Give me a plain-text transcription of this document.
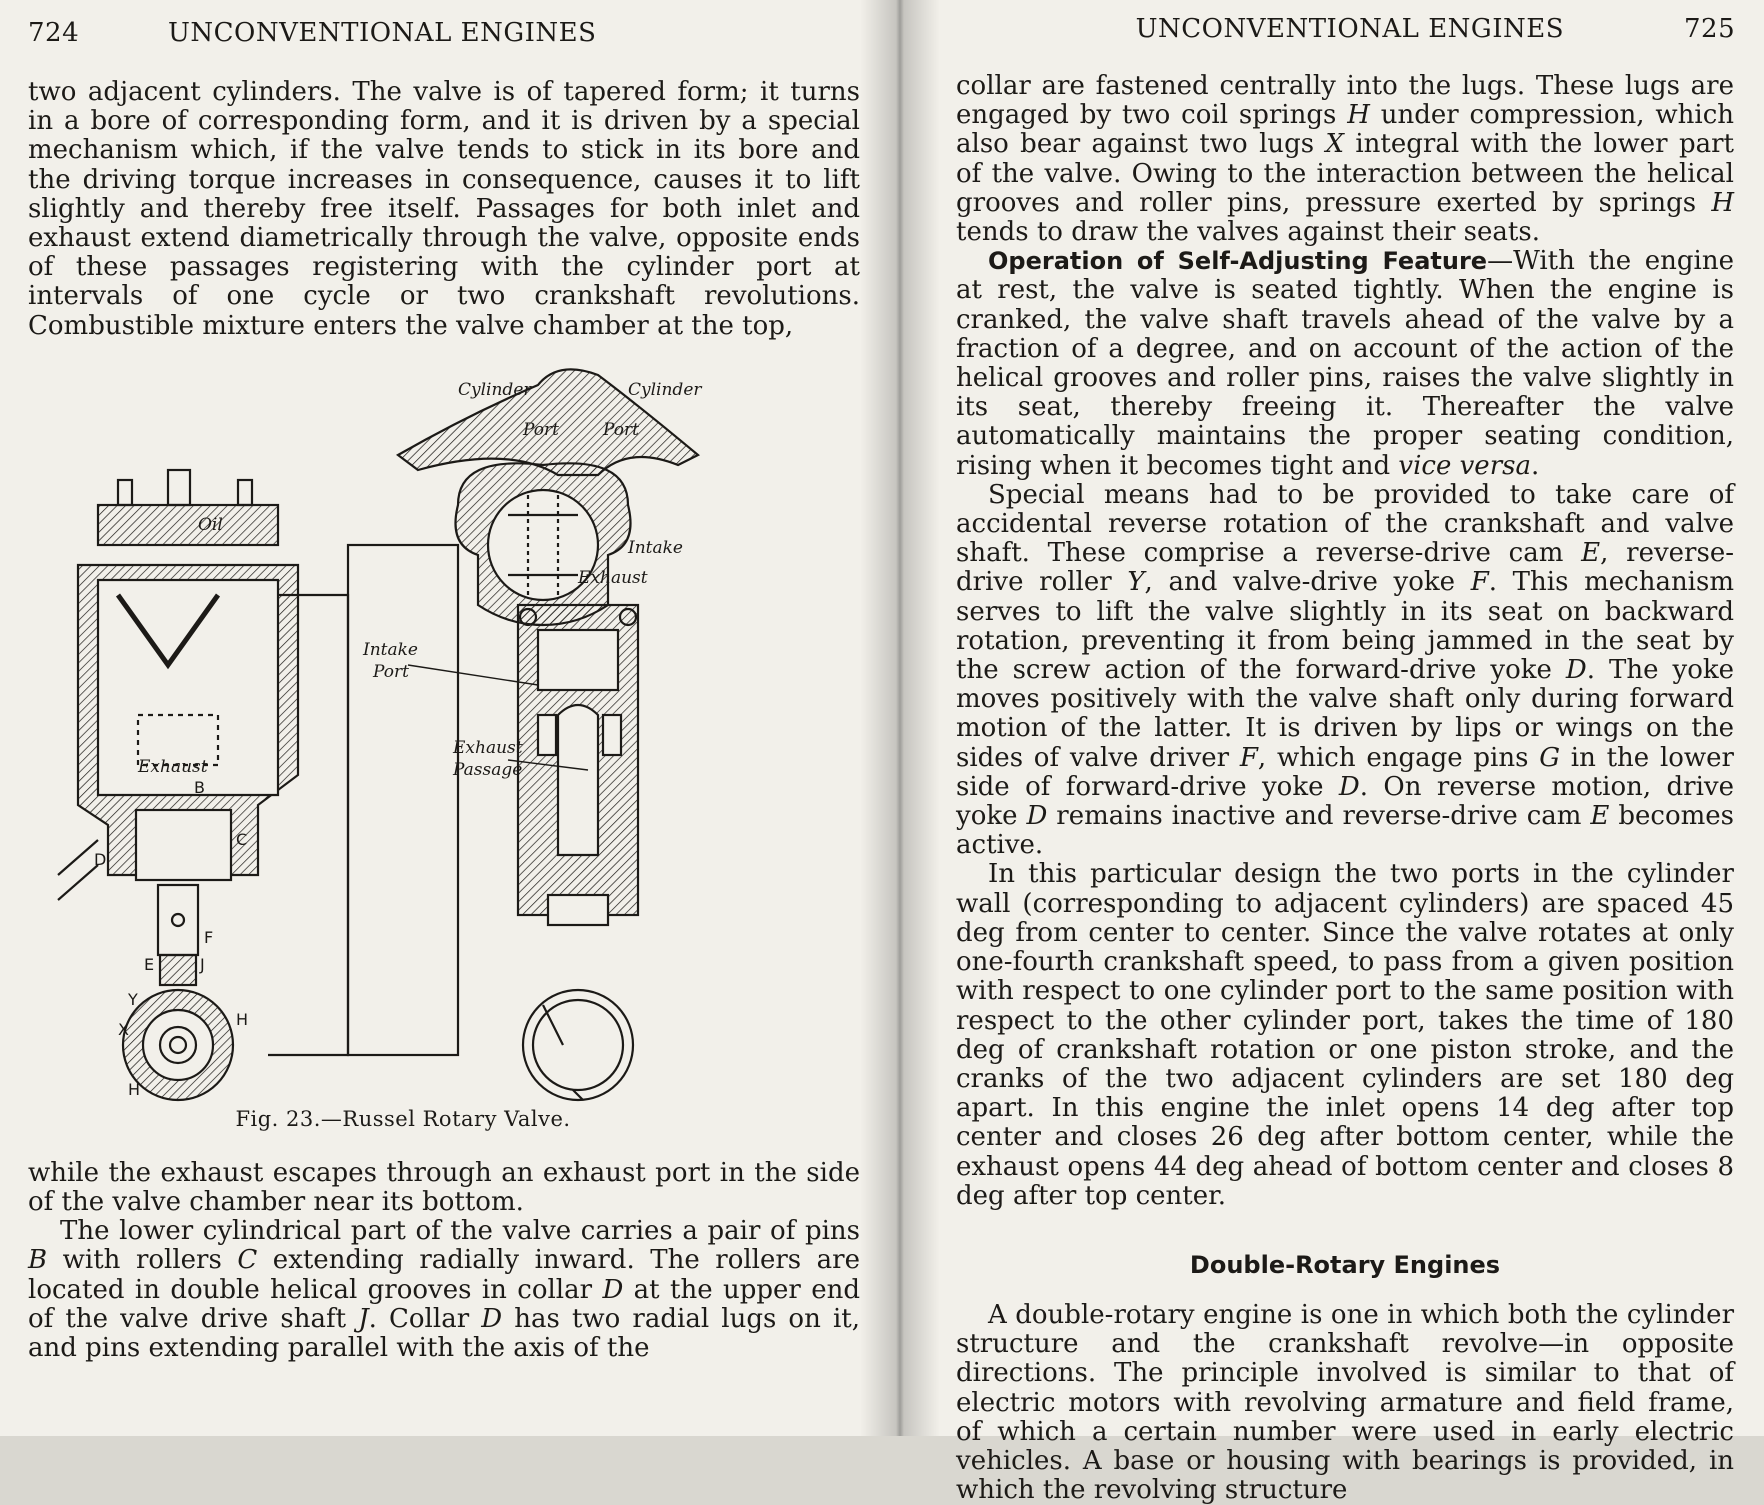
724	UNCONVENTIONAL ENGINES

two adjacent cylinders. The valve is of tapered form; it turns in a bore of corresponding form, and it is driven by a special mechanism which, if the valve tends to stick in its bore and the driving torque increases in consequence, causes it to lift slightly and thereby free itself. Passages for both inlet and exhaust extend diametrically through the valve, opposite ends of these passages registering with the cylinder port at intervals of one cycle or two crankshaft revolutions. Combustible mixture enters the valve chamber at the top,

Cylinder	Cylinder
Port	Port
Intake
Exhaust
Oil
Intake
Port
Exhaust
B
C
D
E
F
J
Exhaust
Passage
Y
X
H
H
Fig. 23.—Russel Rotary Valve.

while the exhaust escapes through an exhaust port in the side of the valve chamber near its bottom.

The lower cylindrical part of the valve carries a pair of pins B with rollers C extending radially inward. The rollers are located in double helical grooves in collar D at the upper end of the valve drive shaft J. Collar D has two radial lugs on it, and pins extending parallel with the axis of the

UNCONVENTIONAL ENGINES	725

collar are fastened centrally into the lugs. These lugs are engaged by two coil springs H under compression, which also bear against two lugs X integral with the lower part of the valve. Owing to the interaction between the helical grooves and roller pins, pressure exerted by springs H tends to draw the valves against their seats.

Operation of Self-Adjusting Feature—With the engine at rest, the valve is seated tightly. When the engine is cranked, the valve shaft travels ahead of the valve by a fraction of a degree, and on account of the action of the helical grooves and roller pins, raises the valve slightly in its seat, thereby freeing it. Thereafter the valve automatically maintains the proper seating condition, rising when it becomes tight and vice versa.

Special means had to be provided to take care of accidental reverse rotation of the crankshaft and valve shaft. These comprise a reverse-drive cam E, reverse-drive roller Y, and valve-drive yoke F. This mechanism serves to lift the valve slightly in its seat on backward rotation, preventing it from being jammed in the seat by the screw action of the forward-drive yoke D. The yoke moves positively with the valve shaft only during forward motion of the latter. It is driven by lips or wings on the sides of valve driver F, which engage pins G in the lower side of forward-drive yoke D. On reverse motion, drive yoke D remains inactive and reverse-drive cam E becomes active.

In this particular design the two ports in the cylinder wall (corresponding to adjacent cylinders) are spaced 45 deg from center to center. Since the valve rotates at only one-fourth crankshaft speed, to pass from a given position with respect to one cylinder port to the same position with respect to the other cylinder port, takes the time of 180 deg of crankshaft rotation or one piston stroke, and the cranks of the two adjacent cylinders are set 180 deg apart. In this engine the inlet opens 14 deg after top center and closes 26 deg after bottom center, while the exhaust opens 44 deg ahead of bottom center and closes 8 deg after top center.

Double-Rotary Engines

A double-rotary engine is one in which both the cylinder structure and the crankshaft revolve—in opposite directions. The principle involved is similar to that of electric motors with revolving armature and field frame, of which a certain number were used in early electric vehicles. A base or housing with bearings is provided, in which the revolving structure
